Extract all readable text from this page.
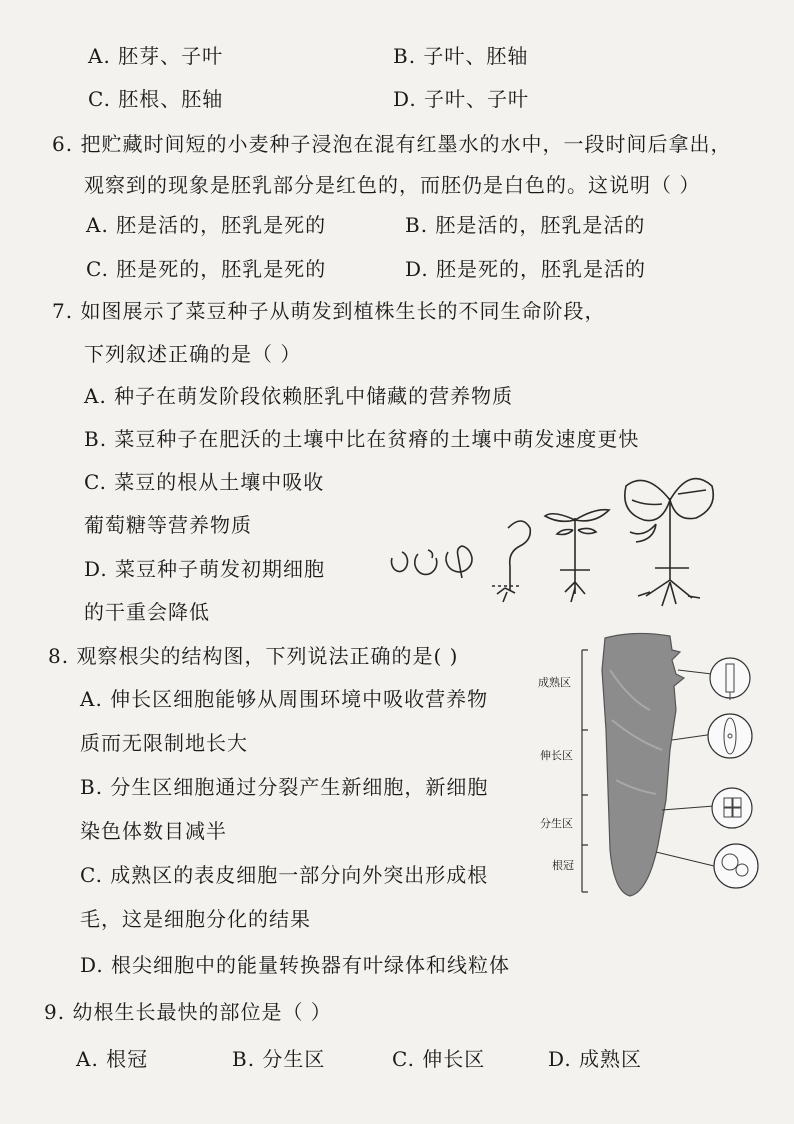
A. 胚芽、子叶	B. 子叶、胚轴
C. 胚根、胚轴	D. 子叶、子叶
6. 把贮藏时间短的小麦种子浸泡在混有红墨水的水中，一段时间后拿出，
观察到的现象是胚乳部分是红色的，而胚仍是白色的。这说明（ ）
A. 胚是活的，胚乳是死的	B. 胚是活的，胚乳是活的
C. 胚是死的，胚乳是死的	D. 胚是死的，胚乳是活的
7. 如图展示了菜豆种子从萌发到植株生长的不同生命阶段，
下列叙述正确的是（ ）
A. 种子在萌发阶段依赖胚乳中储藏的营养物质
B. 菜豆种子在肥沃的土壤中比在贫瘠的土壤中萌发速度更快
C. 菜豆的根从土壤中吸收
葡萄糖等营养物质
D. 菜豆种子萌发初期细胞
的干重会降低
8. 观察根尖的结构图，下列说法正确的是( )
A. 伸长区细胞能够从周围环境中吸收营养物
质而无限制地长大
B. 分生区细胞通过分裂产生新细胞，新细胞
染色体数目减半
C. 成熟区的表皮细胞一部分向外突出形成根
毛，这是细胞分化的结果
D. 根尖细胞中的能量转换器有叶绿体和线粒体
成熟区
伸长区
分生区
根冠
9. 幼根生长最快的部位是（ ）
A. 根冠	B. 分生区	C. 伸长区	D. 成熟区
